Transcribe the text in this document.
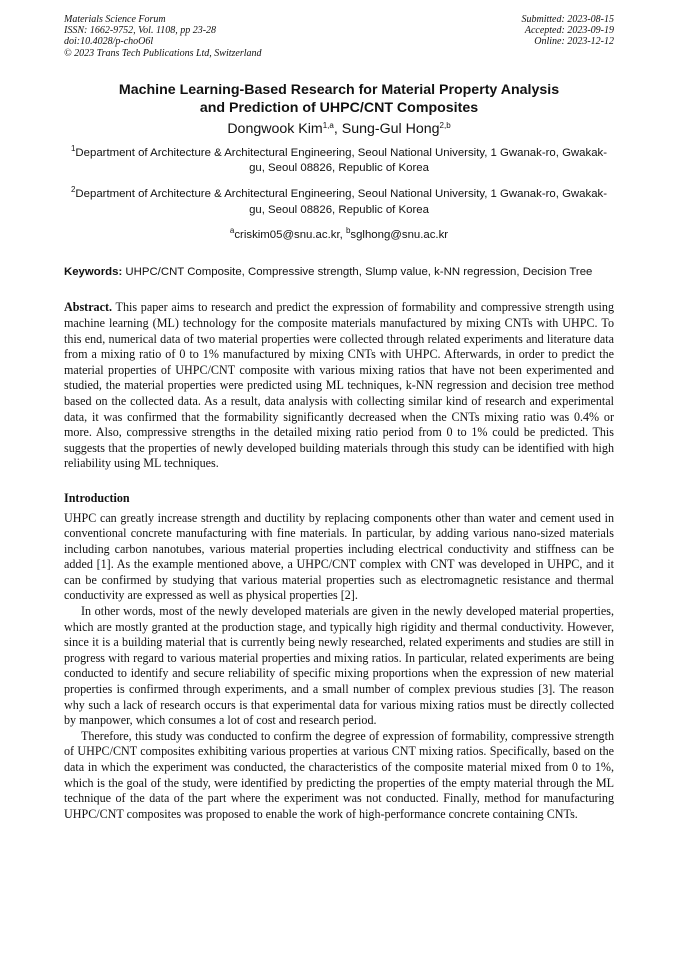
Materials Science Forum
ISSN: 1662-9752, Vol. 1108, pp 23-28
doi:10.4028/p-choO6l
© 2023 Trans Tech Publications Ltd, Switzerland
Submitted: 2023-08-15
Accepted: 2023-09-19
Online: 2023-12-12
Machine Learning-Based Research for Material Property Analysis
and Prediction of UHPC/CNT Composites
Dongwook Kim$^{1,a}$, Sung-Gul Hong$^{2,b}$
$^1$Department of Architecture & Architectural Engineering, Seoul National University, 1 Gwanak-ro, Gwakak-gu, Seoul 08826, Republic of Korea
$^2$Department of Architecture & Architectural Engineering, Seoul National University, 1 Gwanak-ro, Gwakak-gu, Seoul 08826, Republic of Korea
$^a$criskim05@snu.ac.kr, $^b$sglhong@snu.ac.kr
Keywords: UHPC/CNT Composite, Compressive strength, Slump value, k-NN regression, Decision Tree
Abstract. This paper aims to research and predict the expression of formability and compressive strength using machine learning (ML) technology for the composite materials manufactured by mixing CNTs with UHPC. To this end, numerical data of two material properties were collected through related experiments and literature data from a mixing ratio of 0 to 1% manufactured by mixing CNTs with UHPC. Afterwards, in order to predict the material properties of UHPC/CNT composite with various mixing ratios that have not been experimented and studied, the material properties were predicted using ML techniques, k-NN regression and decision tree method based on the collected data. As a result, data analysis with collecting similar kind of research and experimental data, it was confirmed that the formability significantly decreased when the CNTs mixing ratio was 0.4% or more. Also, compressive strengths in the detailed mixing ratio period from 0 to 1% could be predicted. This suggests that the properties of newly developed building materials through this study can be identified with high reliability using ML techniques.
Introduction

UHPC can greatly increase strength and ductility by replacing components other than water and cement used in conventional concrete manufacturing with fine materials. In particular, by adding various nano-sized materials including carbon nanotubes, various material properties including electrical conductivity and stiffness can be added [1]. As the example mentioned above, a UHPC/CNT complex with CNT was developed in UHPC, and it can be confirmed by studying that various material properties such as electromagnetic resistance and thermal conductivity are expressed as well as physical properties [2].

In other words, most of the newly developed materials are given in the newly developed material properties, which are mostly granted at the production stage, and typically high rigidity and thermal conductivity. However, since it is a building material that is currently being newly researched, related experiments and studies are still in progress with regard to various material properties and mixing ratios. In particular, related experiments are being conducted to identify and secure reliability of specific mixing proportions when the expression of new material properties is confirmed through experiments, and a small number of complex previous studies [3]. The reason why such a lack of research occurs is that experimental data for various mixing ratios must be directly collected by manpower, which consumes a lot of cost and research period.

Therefore, this study was conducted to confirm the degree of expression of formability, compressive strength of UHPC/CNT composites exhibiting various properties at various CNT mixing ratios. Specifically, based on the data in which the experiment was conducted, the characteristics of the composite material mixed from 0 to 1%, which is the goal of the study, were identified by predicting the properties of the empty material through the ML technique of the data of the part where the experiment was not conducted. Finally, method for manufacturing UHPC/CNT composites was proposed to enable the work of high-performance concrete containing CNTs.
